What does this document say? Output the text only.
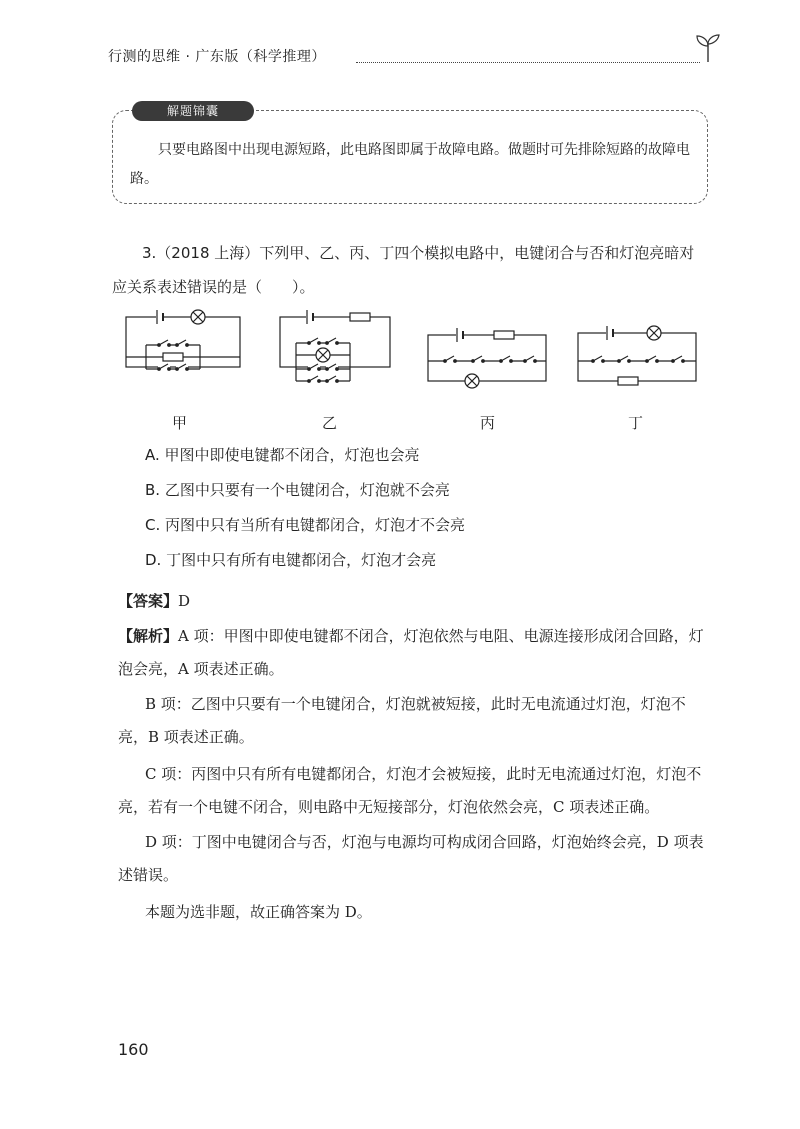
行测的思维 · 广东版（科学推理）
解题锦囊
只要电路图中出现电源短路，此电路图即属于故障电路。做题时可先排除短路的故障电路。
3.（2018 上海）下列甲、乙、丙、丁四个模拟电路中，电键闭合与否和灯泡亮暗对应关系表述错误的是（　　）。
甲	乙	丙	丁
A. 甲图中即使电键都不闭合，灯泡也会亮
B. 乙图中只要有一个电键闭合，灯泡就不会亮
C. 丙图中只有当所有电键都闭合，灯泡才不会亮
D. 丁图中只有所有电键都闭合，灯泡才会亮
【答案】D
【解析】A 项：甲图中即使电键都不闭合，灯泡依然与电阻、电源连接形成闭合回路，灯泡会亮，A 项表述正确。
B 项：乙图中只要有一个电键闭合，灯泡就被短接，此时无电流通过灯泡，灯泡不亮，B 项表述正确。
C 项：丙图中只有所有电键都闭合，灯泡才会被短接，此时无电流通过灯泡，灯泡不亮，若有一个电键不闭合，则电路中无短接部分，灯泡依然会亮，C 项表述正确。
D 项：丁图中电键闭合与否，灯泡与电源均可构成闭合回路，灯泡始终会亮，D 项表述错误。
本题为选非题，故正确答案为 D。
160
